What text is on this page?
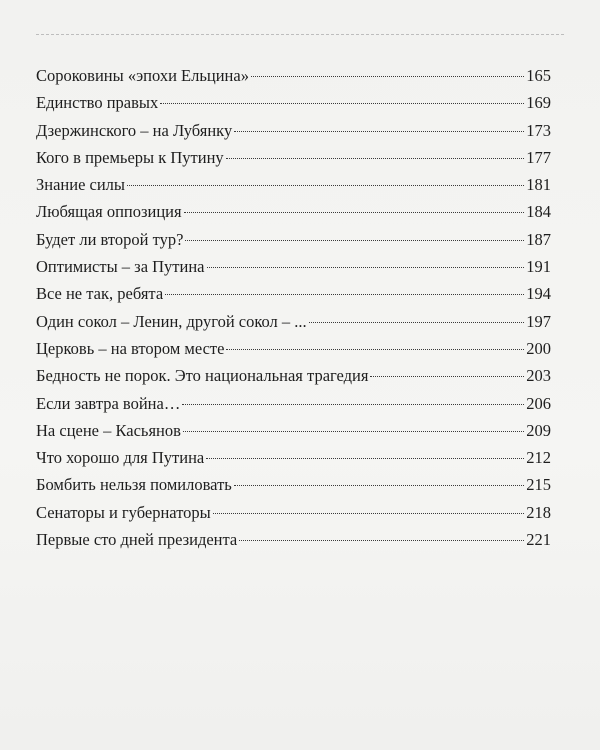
Сороковины «эпохи Ельцина»	165
Единство правых	169
Дзержинского – на Лубянку	173
Кого в премьеры к Путину	177
Знание силы	181
Любящая оппозиция	184
Будет ли второй тур?	187
Оптимисты – за Путина	191
Все не так, ребята	194
Один сокол – Ленин, другой сокол – ...	197
Церковь – на втором месте	200
Бедность не порок. Это национальная трагедия	203
Если завтра война…	206
На сцене – Касьянов	209
Что хорошо для Путина	212
Бомбить нельзя помиловать	215
Сенаторы и губернаторы	218
Первые сто дней президента	221
